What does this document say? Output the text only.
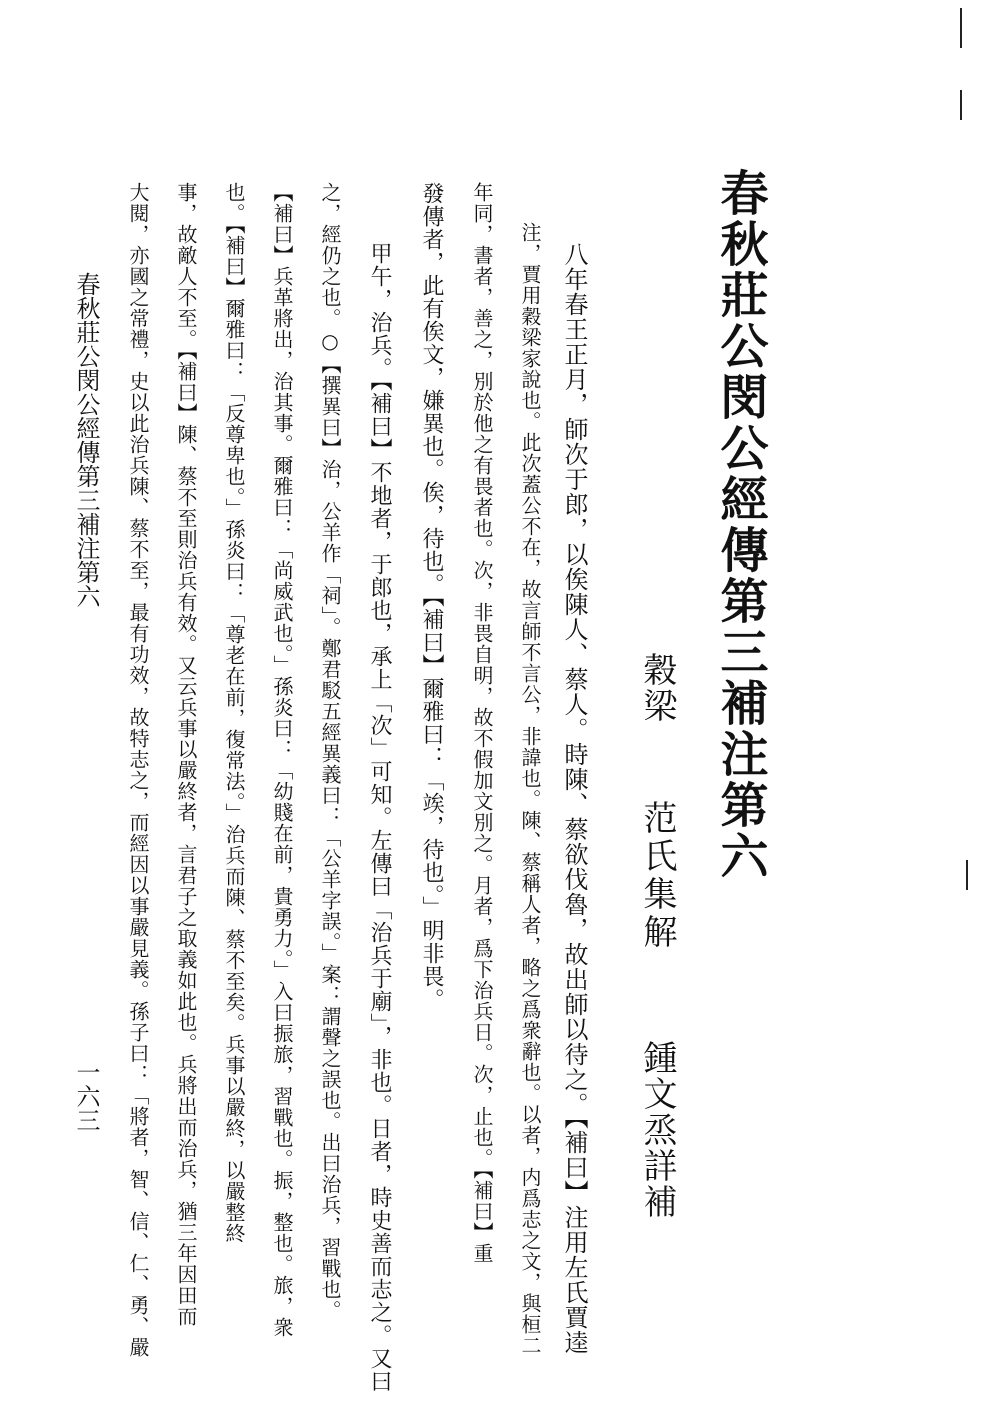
春秋莊公閔公經傳第三補注第六
穀梁
范氏集解
鍾文烝詳補
八年春王正月，師次于郎，以俟陳人、蔡人。時陳、蔡欲伐魯，故出師以待之。【補曰】注用左氏賈逵
注，賈用穀梁家說也。此次蓋公不在，故言師不言公，非諱也。陳、蔡稱人者，略之爲衆辭也。以者，内爲志之文，與桓二
年同，書者，善之，別於他之有畏者也。次，非畏自明，故不假加文別之。月者，爲下治兵日。次，止也。【補曰】重
發傳者，此有俟文，嫌異也。俟，待也。【補曰】爾雅曰：「竢，待也。」明非畏。
甲午，治兵。【補曰】不地者，于郎也，承上「次」可知。左傳曰「治兵于廟」，非也。日者，時史善而志之。又曰
之，經仍之也。○【撰異曰】治，公羊作「祠」。鄭君駁五經異義曰：「公羊字誤。」案：謂聲之誤也。出曰治兵，習戰也。
【補曰】兵革將出，治其事。爾雅曰：「尚威武也。」孫炎曰：「幼賤在前，貴勇力。」入曰振旅，習戰也。振，整也。旅，衆
也。【補曰】爾雅曰：「反尊卑也。」孫炎曰：「尊老在前，復常法。」治兵而陳、蔡不至矣。兵事以嚴終，以嚴整終
事，故敵人不至。【補曰】陳、蔡不至則治兵有效。又云兵事以嚴終者，言君子之取義如此也。兵將出而治兵，猶三年因田而
大閱，亦國之常禮，史以此治兵陳、蔡不至，最有功效，故特志之，而經因以事嚴見義。孫子曰：「將者，智、信、仁、勇、嚴
春秋莊公閔公經傳第三補注第六
一六三
